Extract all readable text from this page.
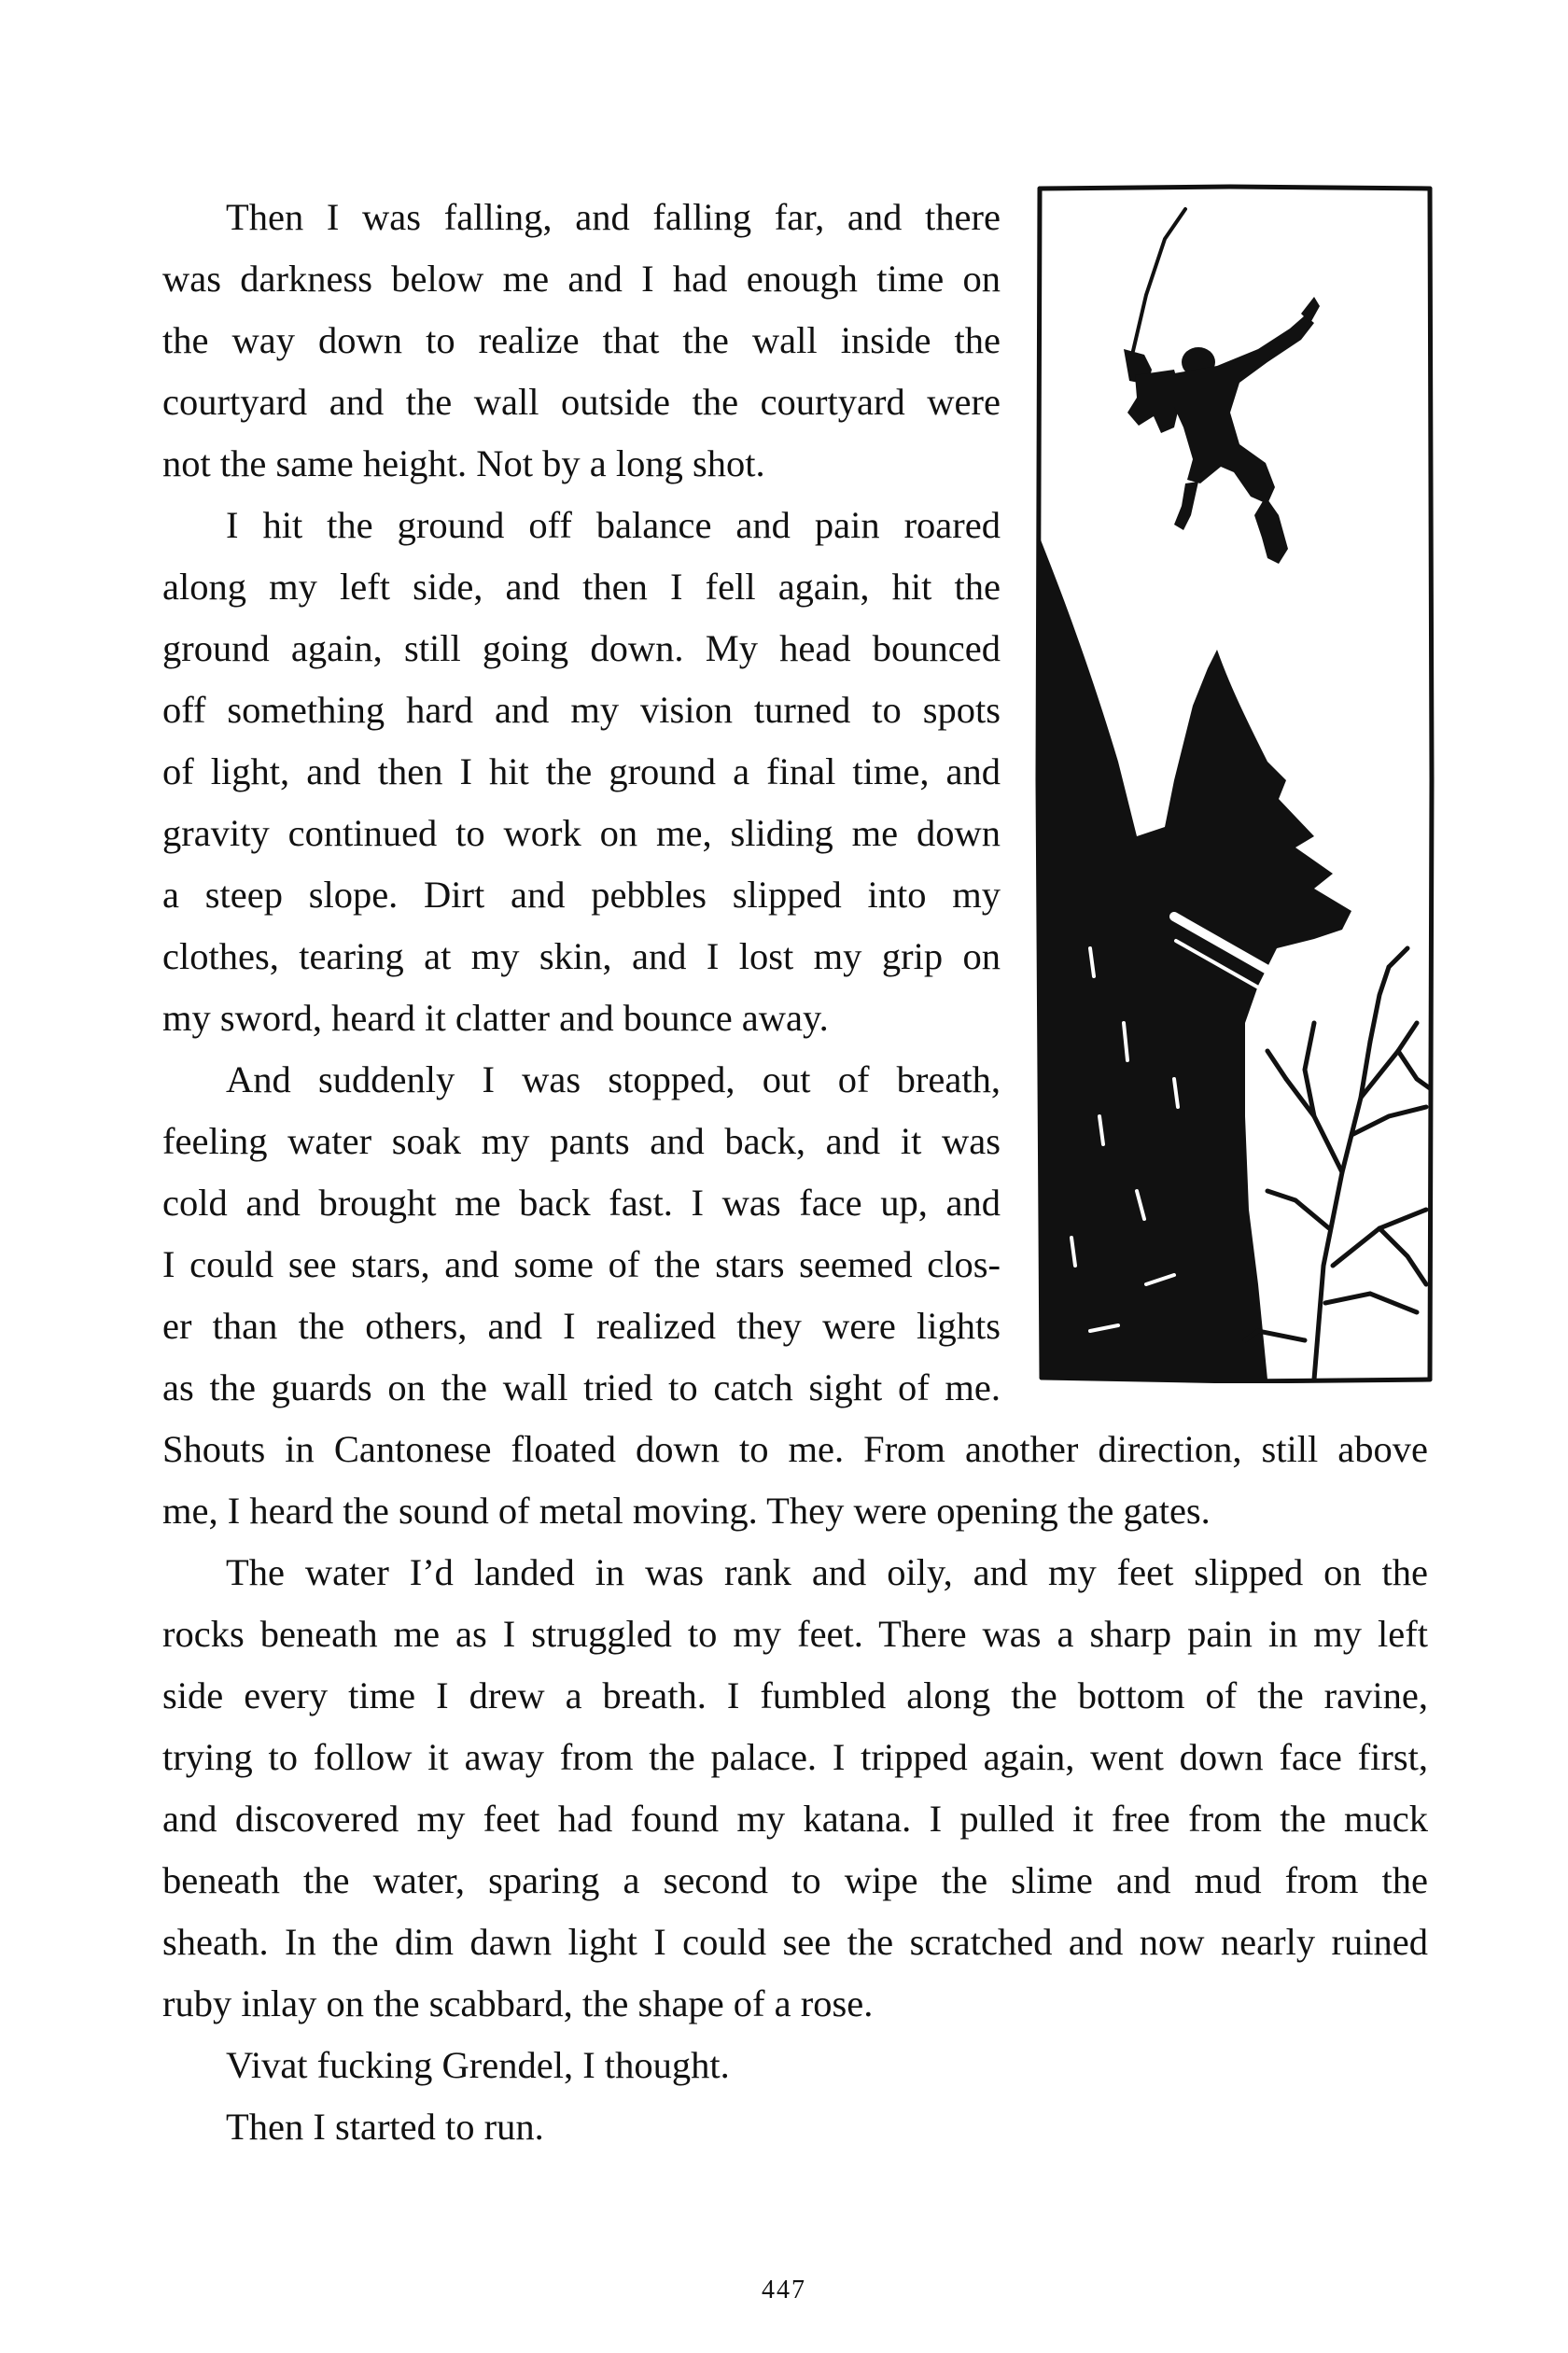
Then I was falling, and falling far, and there
was darkness below me and I had enough time on
the way down to realize that the wall inside the
courtyard and the wall outside the courtyard were
not the same height. Not by a long shot.
I hit the ground off balance and pain roared
along my left side, and then I fell again, hit the
ground again, still going down. My head bounced
off something hard and my vision turned to spots
of light, and then I hit the ground a final time, and
gravity continued to work on me, sliding me down
a steep slope. Dirt and pebbles slipped into my
clothes, tearing at my skin, and I lost my grip on
my sword, heard it clatter and bounce away.
And suddenly I was stopped, out of breath,
feeling water soak my pants and back, and it was
cold and brought me back fast. I was face up, and
I could see stars, and some of the stars seemed clos-
er than the others, and I realized they were lights
as the guards on the wall tried to catch sight of me.
Shouts in Cantonese floated down to me. From another direction, still above
me, I heard the sound of metal moving. They were opening the gates.
The water I’d landed in was rank and oily, and my feet slipped on the
rocks beneath me as I struggled to my feet. There was a sharp pain in my left
side every time I drew a breath. I fumbled along the bottom of the ravine,
trying to follow it away from the palace. I tripped again, went down face first,
and discovered my feet had found my katana. I pulled it free from the muck
beneath the water, sparing a second to wipe the slime and mud from the
sheath. In the dim dawn light I could see the scratched and now nearly ruined
ruby inlay on the scabbard, the shape of a rose.
Vivat fucking Grendel, I thought.
Then I started to run.
447
